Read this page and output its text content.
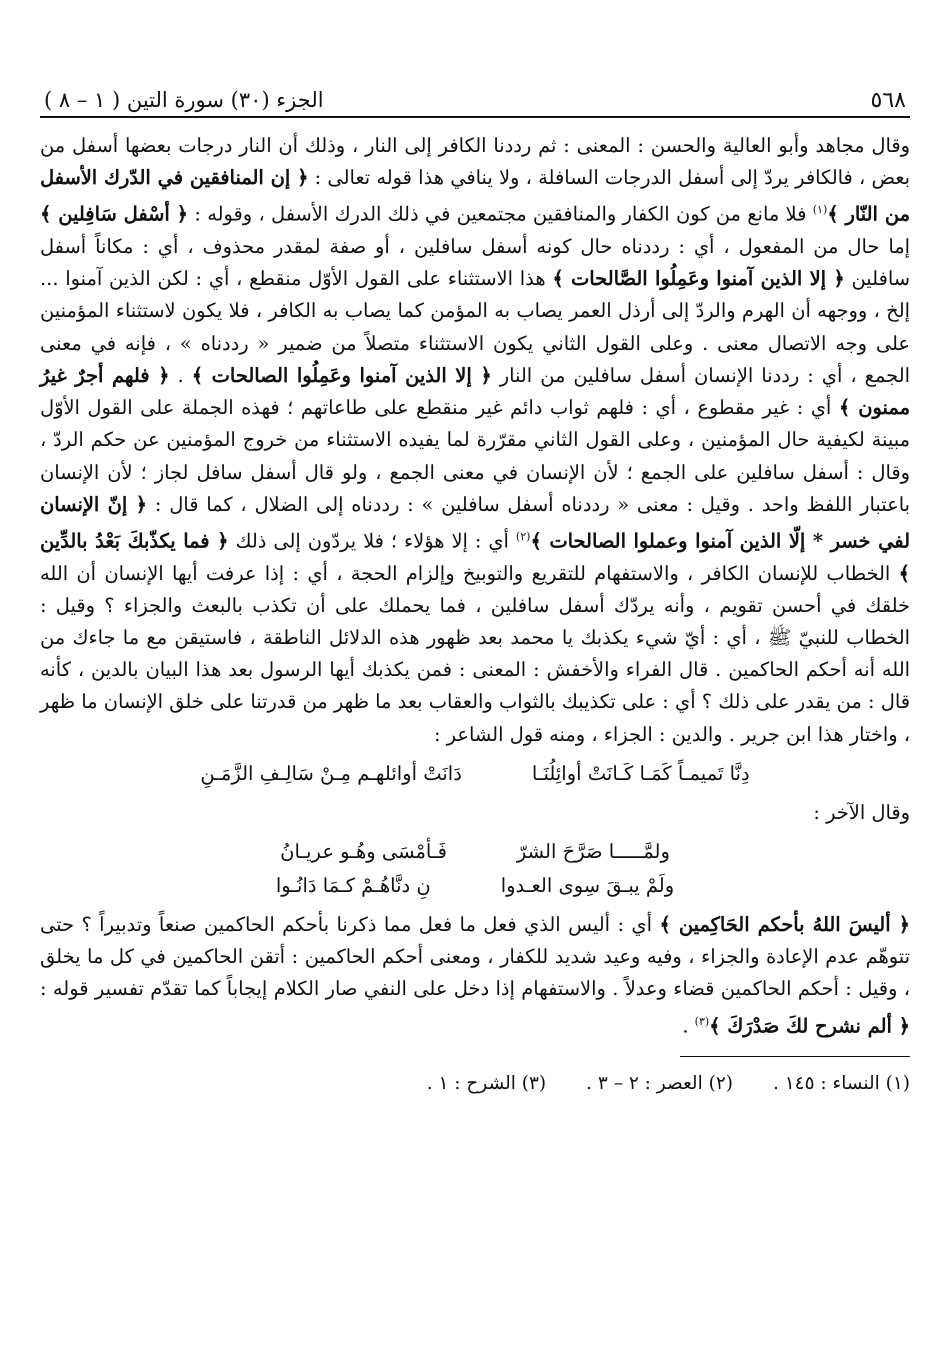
٥٦٨
الجزء (٣٠) سورة التين ( ١ – ٨ )

وقال مجاهد وأبو العالية والحسن : المعنى : ثم رددنا الكافر إلى النار ، وذلك أن النار درجات بعضها أسفل من بعض ، فالكافر يردّ إلى أسفل الدرجات السافلة ، ولا ينافي هذا قوله تعالى : ﴿ إن المنافقين في الدّرك الأسفل من النّار ﴾$^{(١)}$ فلا مانع من كون الكفار والمنافقين مجتمعين في ذلك الدرك الأسفل ، وقوله : ﴿ أسْفل سَافِلين ﴾ إما حال من المفعول ، أي : رددناه حال كونه أسفل سافلين ، أو صفة لمقدر محذوف ، أي : مكاناً أسفل سافلين ﴿ إلا الذين آمنوا وعَمِلُوا الصَّالحات ﴾ هذا الاستثناء على القول الأوّل منقطع ، أي : لكن الذين آمنوا ... إلخ ، ووجهه أن الهرم والردّ إلى أرذل العمر يصاب به المؤمن كما يصاب به الكافر ، فلا يكون لاستثناء المؤمنين على وجه الاتصال معنى . وعلى القول الثاني يكون الاستثناء متصلاً من ضمير « رددناه » ، فإنه في معنى الجمع ، أي : رددنا الإنسان أسفل سافلين من النار ﴿ إلا الذين آمنوا وعَمِلُوا الصالحات ﴾ . ﴿ فلهم أجرٌ غيرُ ممنون ﴾ أي : غير مقطوع ، أي : فلهم ثواب دائم غير منقطع على طاعاتهم ؛ فهذه الجملة على القول الأوّل مبينة لكيفية حال المؤمنين ، وعلى القول الثاني مقرّرة لما يفيده الاستثناء من خروج المؤمنين عن حكم الردّ ، وقال : أسفل سافلين على الجمع ؛ لأن الإنسان في معنى الجمع ، ولو قال أسفل سافل لجاز ؛ لأن الإنسان باعتبار اللفظ واحد . وقيل : معنى « رددناه أسفل سافلين » : رددناه إلى الضلال ، كما قال : ﴿ إنّ الإنسان لفي خسر * إلّا الذين آمنوا وعملوا الصالحات ﴾$^{(٢)}$ أي : إلا هؤلاء ؛ فلا يردّون إلى ذلك ﴿ فما يكذّبكَ بَعْدُ بالدِّين ﴾ الخطاب للإنسان الكافر ، والاستفهام للتقريع والتوبيخ وإلزام الحجة ، أي : إذا عرفت أيها الإنسان أن الله خلقك في أحسن تقويم ، وأنه يردّك أسفل سافلين ، فما يحملك على أن تكذب بالبعث والجزاء ؟ وقيل : الخطاب للنبيّ ﷺ ، أي : أيّ شيء يكذبك يا محمد بعد ظهور هذه الدلائل الناطقة ، فاستيقن مع ما جاءك من الله أنه أحكم الحاكمين . قال الفراء والأخفش : المعنى : فمن يكذبك أيها الرسول بعد هذا البيان بالدين ، كأنه قال : من يقدر على ذلك ؟ أي : على تكذيبك بالثواب والعقاب بعد ما ظهر من قدرتنا على خلق الإنسان ما ظهر ، واختار هذا ابن جرير . والدين : الجزاء ، ومنه قول الشاعر :

دِنَّا تَميمـاً كَمَـا كَـانَتْ أوائِلُنَـا
دَانَتْ أوائلهـم مِـنْ سَالِـفِ الزَّمَـنِ

وقال الآخر :

ولمَّـــــا صَرَّحَ الشرّ
فَـأمْسَى وهُـو عريـانُ
ولَمْ يبـقَ سِوى العـدوا
نِ دنَّاهُـمْ كـمَا دَانُـوا

﴿ أليسَ اللهُ بأحكم الحَاكِمين ﴾ أي : أليس الذي فعل ما فعل مما ذكرنا بأحكم الحاكمين صنعاً وتدبيراً ؟ حتى تتوهّم عدم الإعادة والجزاء ، وفيه وعيد شديد للكفار ، ومعنى أحكم الحاكمين : أتقن الحاكمين في كل ما يخلق ، وقيل : أحكم الحاكمين قضاء وعدلاً . والاستفهام إذا دخل على النفي صار الكلام إيجاباً كما تقدّم تفسير قوله : ﴿ ألم نشرح لكَ صَدْرَكَ ﴾$^{(٣)}$ .

(١) النساء : ١٤٥ .
(٢) العصر : ٢ – ٣ .
(٣) الشرح : ١ .
